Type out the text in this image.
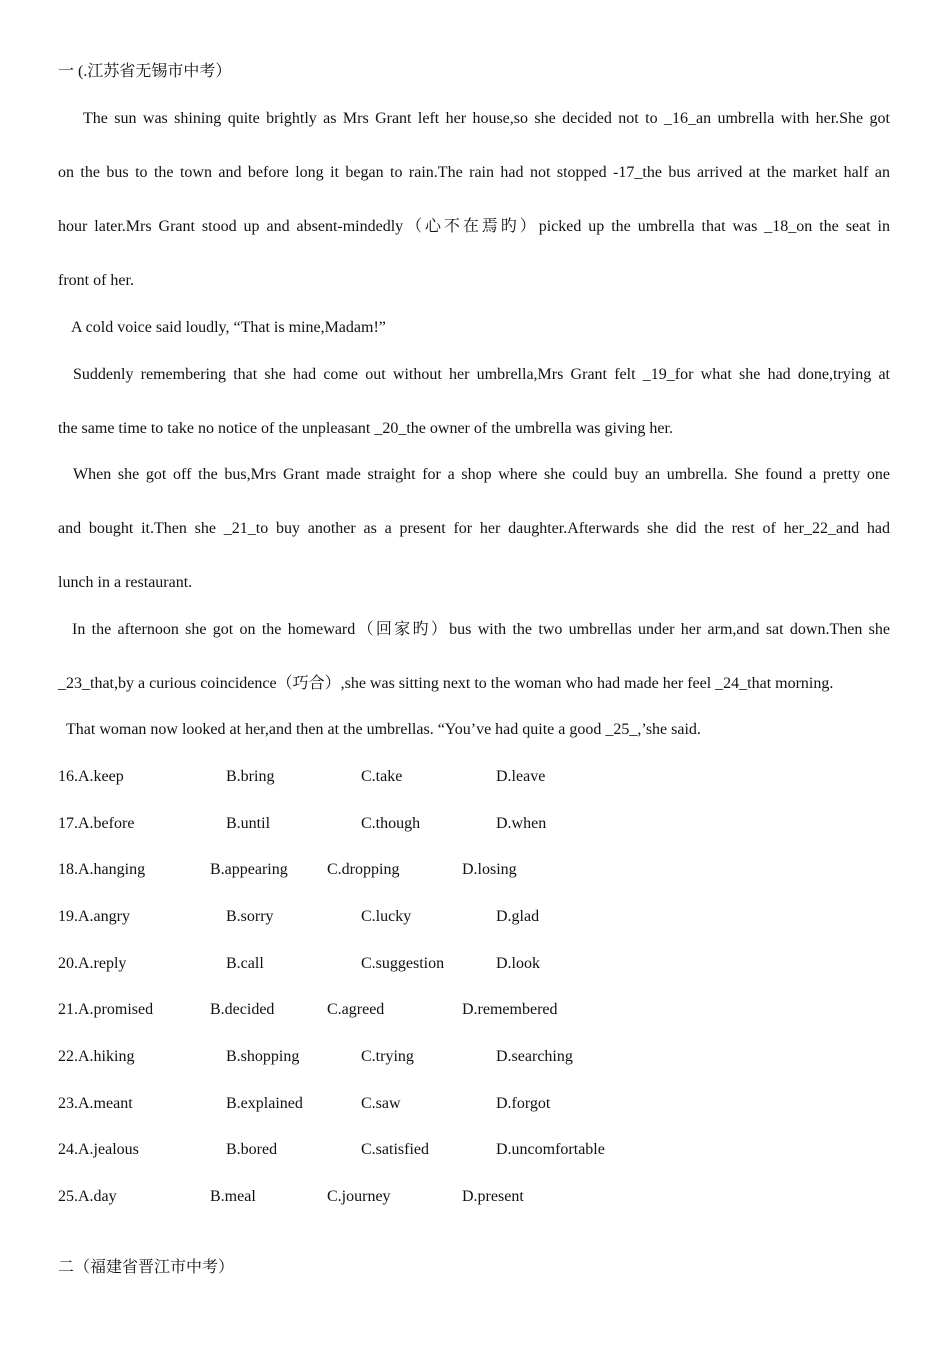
一 (.江苏省无锡市中考）
The sun was shining quite brightly as Mrs Grant left her house,so she decided not to _16_an umbrella with her.She got
on the bus to the town and before long it began to rain.The rain had not stopped -17_the bus arrived at the market half an
hour later.Mrs Grant stood up and absent-mindedly（心不在焉旳）picked up the umbrella that was _18_on the seat in
front of her.
A cold voice said loudly, “That is mine,Madam!”
Suddenly remembering that she had come out without her umbrella,Mrs Grant felt _19_for what she had done,trying at
the same time to take no notice of the unpleasant _20_the owner of the umbrella was giving her.
When she got off the bus,Mrs Grant made straight for a shop where she could buy an umbrella. She found a pretty one
and bought it.Then she _21_to buy another as a present for her daughter.Afterwards she did the rest of her_22_and had
lunch in a restaurant.
In the afternoon she got on the homeward（回家旳）bus with the two umbrellas under her arm,and sat down.Then she
_23_that,by a curious coincidence（巧合）,she was sitting next to the woman who had made her feel _24_that morning.
That woman now looked at her,and then at the umbrellas. “You’ve had quite a good _25_,’she said.
16.A.keep	B.bring	C.take	D.leave
17.A.before	B.until	C.though	D.when
18.A.hanging	B.appearing C.dropping	D.losing
19.A.angry	B.sorry	C.lucky	D.glad
20.A.reply	B.call	C.suggestion	D.look
21.A.promised	B.decided	C.agreed	D.remembered
22.A.hiking	B.shopping	C.trying	D.searching
23.A.meant	B.explained	C.saw	D.forgot
24.A.jealous	B.bored	C.satisfied	D.uncomfortable
25.A.day	B.meal	C.journey	D.present
二（福建省晋江市中考）
